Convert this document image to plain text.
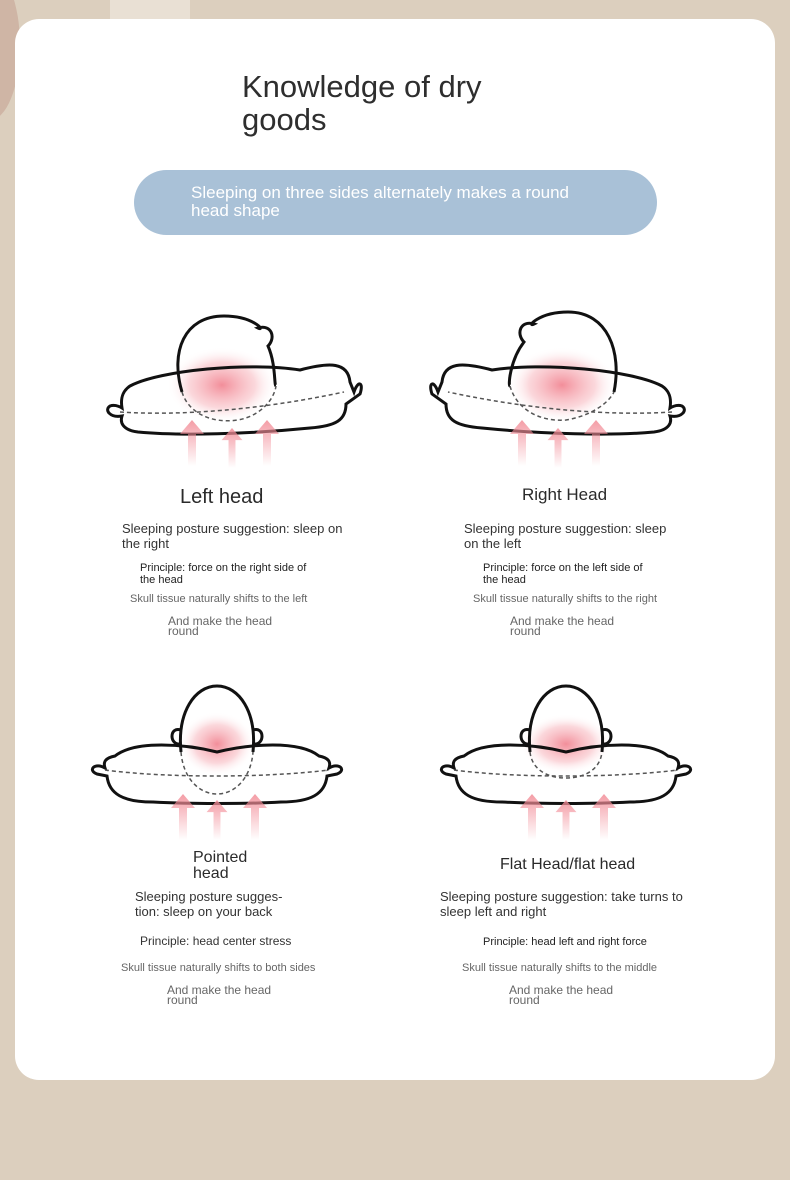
Knowledge of dry goods
Sleeping on three sides alternately makes a round head shape
Left head
Sleeping posture suggestion: sleep on the right
Principle: force on the right side of the head
Skull tissue naturally shifts to the left
And make the head round
Right Head
Sleeping posture suggestion: sleep on the left
Principle: force on the left side of the head
Skull tissue naturally shifts to the right
And make the head round
Pointed head
Sleeping posture sugges- tion: sleep on your back
Principle: head center stress
Skull tissue naturally shifts to both sides
And make the head round
Flat Head/flat head
Sleeping posture suggestion: take turns to sleep left and right
Principle: head left and right force
Skull tissue naturally shifts to the middle
And make the head round
